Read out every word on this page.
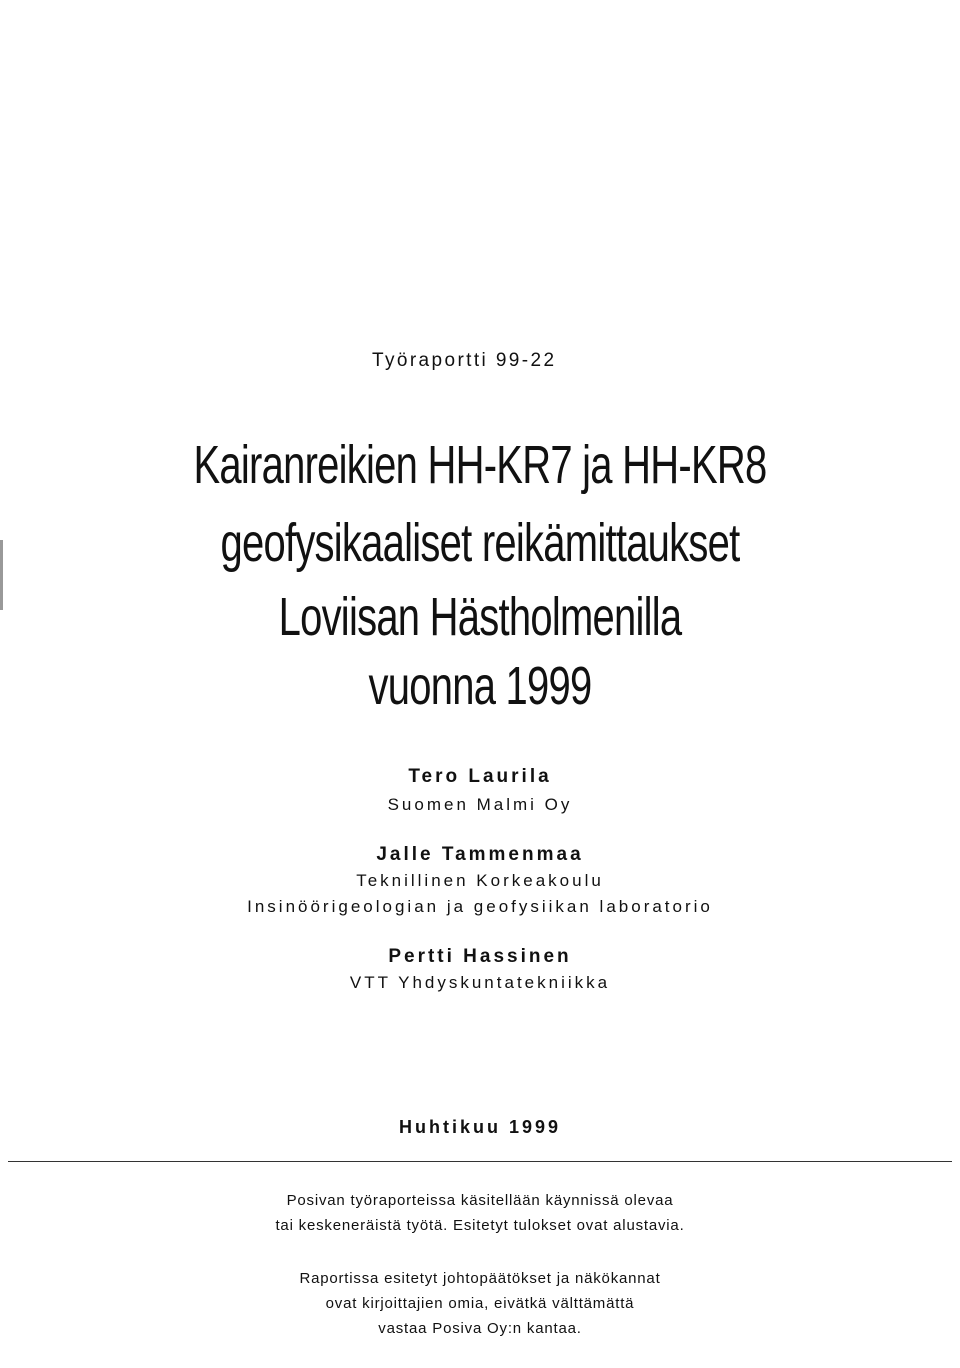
Työraportti 99-22
Kairanreikien HH-KR7 ja HH-KR8
geofysikaaliset reikämittaukset
Loviisan Hästholmenilla
vuonna 1999
Tero Laurila
Suomen Malmi Oy
Jalle Tammenmaa
Teknillinen Korkeakoulu
Insinöörigeologian ja geofysiikan laboratorio
Pertti Hassinen
VTT Yhdyskuntatekniikka
Huhtikuu 1999
Posivan työraporteissa käsitellään käynnissä olevaa
tai keskeneräistä työtä. Esitetyt tulokset ovat alustavia.
Raportissa esitetyt johtopäätökset ja näkökannat
ovat kirjoittajien omia, eivätkä välttämättä
vastaa Posiva Oy:n kantaa.
